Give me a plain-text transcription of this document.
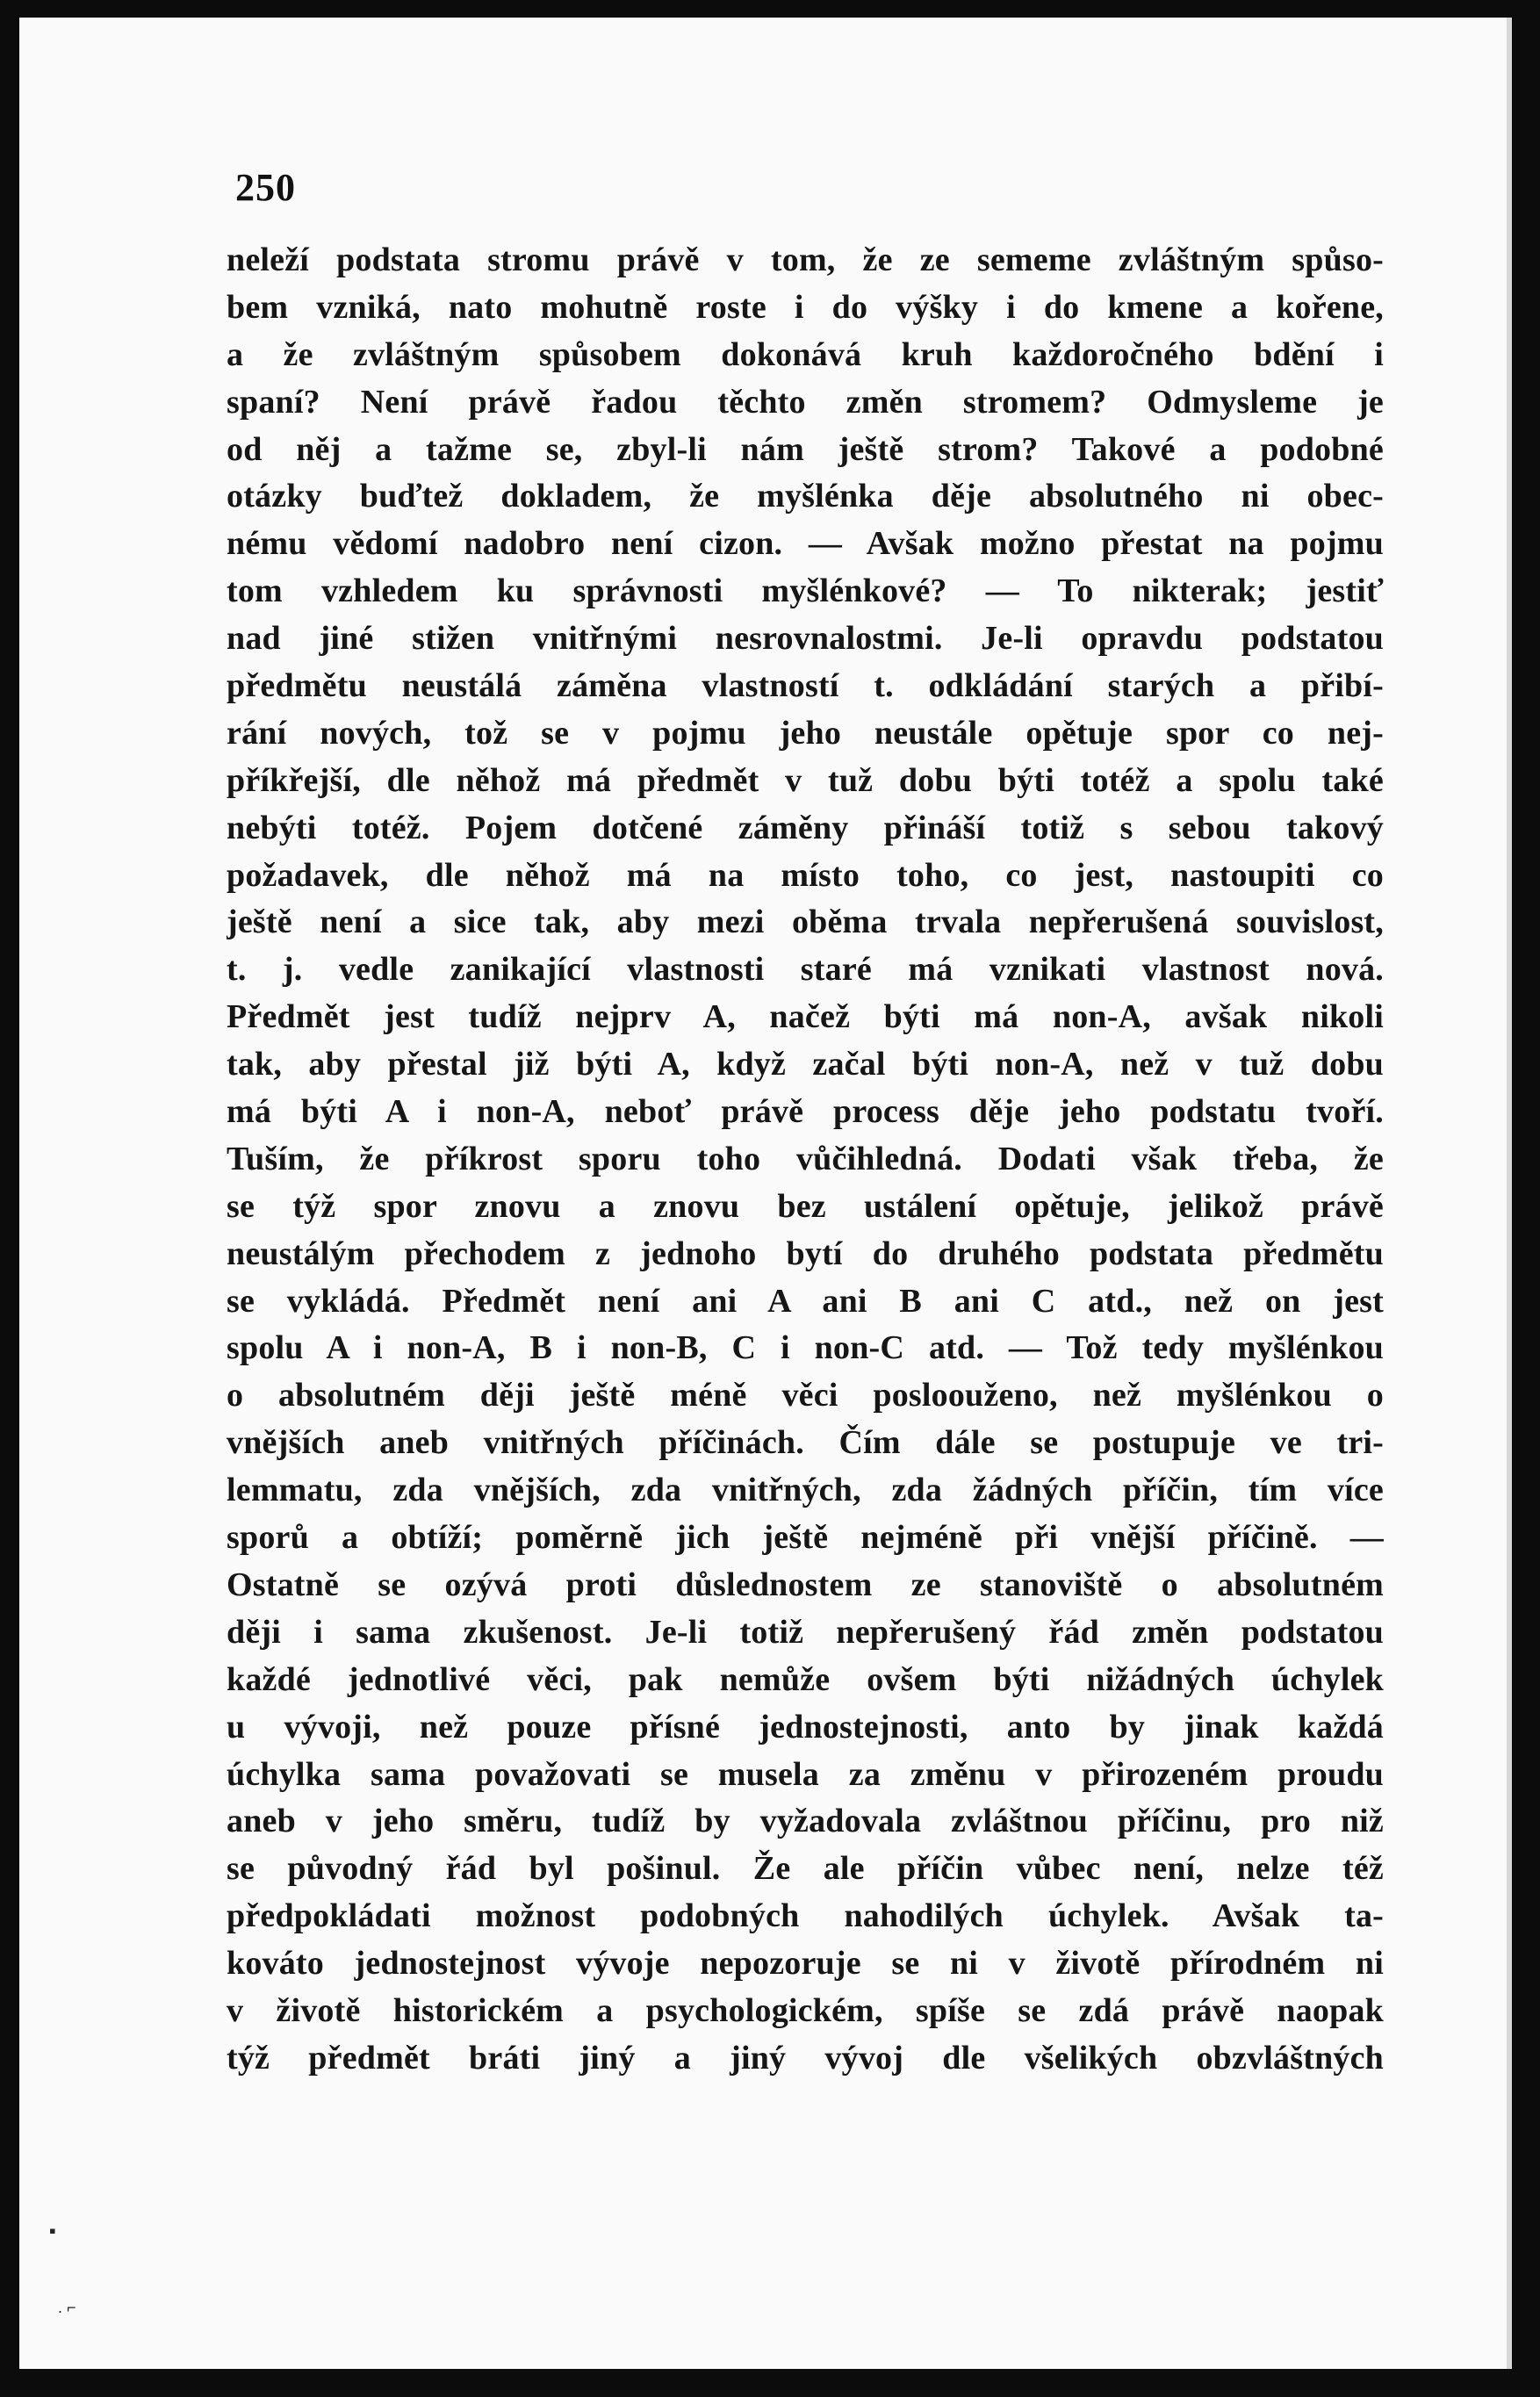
250
neleží podstata stromu právě v tom, že ze sememe zvláštným spůso-
bem vzniká, nato mohutně roste i do výšky i do kmene a kořene,
a že zvláštným spůsobem dokonává kruh každoročného bdění i
spaní? Není právě řadou těchto změn stromem? Odmysleme je
od něj a tažme se, zbyl-li nám ještě strom? Takové a podobné
otázky buďtež dokladem, že myšlénka děje absolutného ni obec-
nému vědomí nadobro není cizon. — Avšak možno přestat na pojmu
tom vzhledem ku správnosti myšlénkové? — To nikterak; jestiť
nad jiné stižen vnitřnými nesrovnalostmi. Je-li opravdu podstatou
předmětu neustálá záměna vlastností t. odkládání starých a přibí-
rání nových, tož se v pojmu jeho neustále opětuje spor co nej-
příkřejší, dle něhož má předmět v tuž dobu býti totéž a spolu také
nebýti totéž. Pojem dotčené záměny přináší totiž s sebou takový
požadavek, dle něhož má na místo toho, co jest, nastoupiti co
ještě není a sice tak, aby mezi oběma trvala nepřerušená souvislost,
t. j. vedle zanikající vlastnosti staré má vznikati vlastnost nová.
Předmět jest tudíž nejprv A, načež býti má non-A, avšak nikoli
tak, aby přestal již býti A, když začal býti non-A, než v tuž dobu
má býti A i non-A, neboť právě process děje jeho podstatu tvoří.
Tuším, že příkrost sporu toho vůčihledná. Dodati však třeba, že
se týž spor znovu a znovu bez ustálení opětuje, jelikož právě
neustálým přechodem z jednoho bytí do druhého podstata předmětu
se vykládá. Předmět není ani A ani B ani C atd., než on jest
spolu A i non-A, B i non-B, C i non-C atd. — Tož tedy myšlénkou
o absolutném ději ještě méně věci posloouženo, než myšlénkou o
vnějších aneb vnitřných příčinách. Čím dále se postupuje ve tri-
lemmatu, zda vnějších, zda vnitřných, zda žádných příčin, tím více
sporů a obtíží; poměrně jich ještě nejméně při vnější příčině. —
Ostatně se ozývá proti důslednostem ze stanoviště o absolutném
ději i sama zkušenost. Je-li totiž nepřerušený řád změn podstatou
každé jednotlivé věci, pak nemůže ovšem býti nižádných úchylek
u vývoji, než pouze přísné jednostejnosti, anto by jinak každá
úchylka sama považovati se musela za změnu v přirozeném proudu
aneb v jeho směru, tudíž by vyžadovala zvláštnou příčinu, pro niž
se původný řád byl pošinul. Že ale příčin vůbec není, nelze též
předpokládati možnost podobných nahodilých úchylek. Avšak ta-
kováto jednostejnost vývoje nepozoruje se ni v životě přírodném ni
v životě historickém a psychologickém, spíše se zdá právě naopak
týž předmět bráti jiný a jiný vývoj dle všelikých obzvláštných
▪
. ⌐
